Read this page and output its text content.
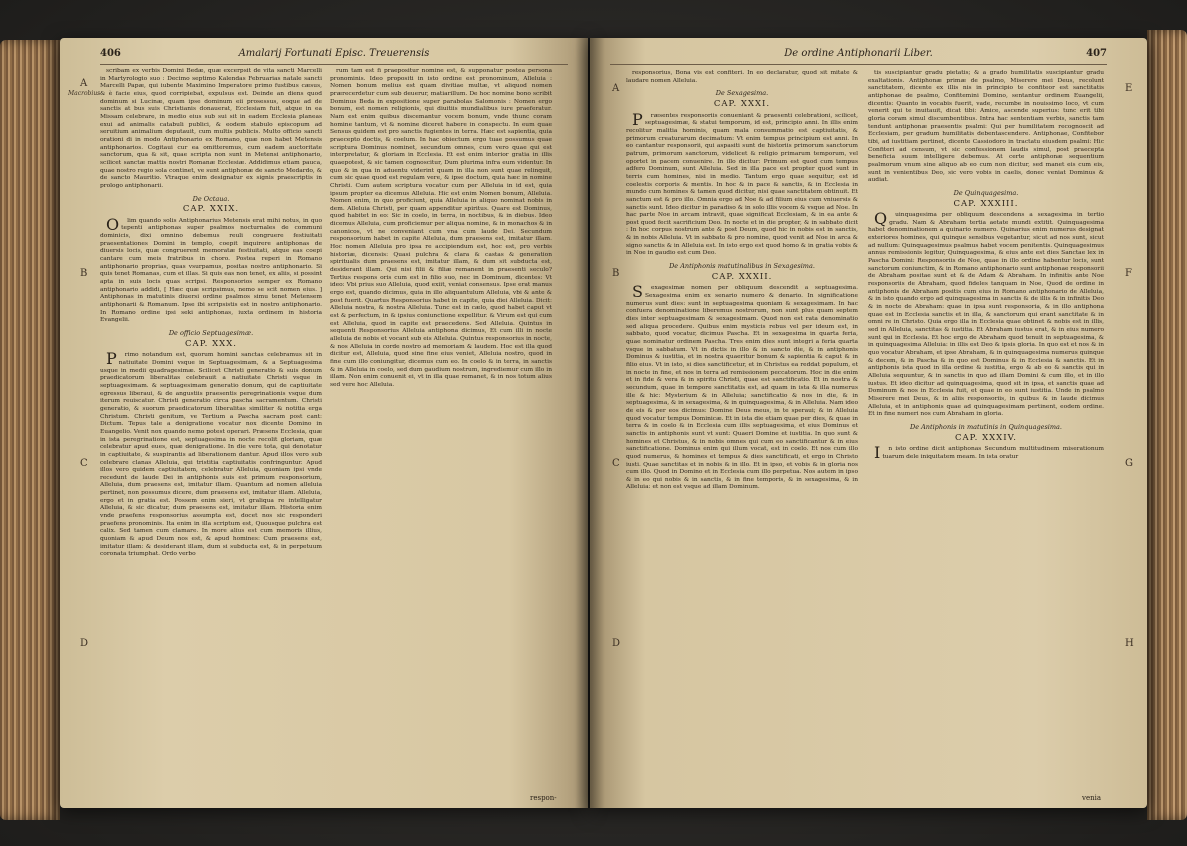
406	Amalarij Fortunati Episc. Treuerensis
A
Macrobius
B
C
D

scribam ex verbis Domini Bedæ, quæ excerpsit de vita sancti Marcelli in Martyrologio suo : Decimo septimo Kalendas Februarias natale sancti Marcelli Papæ, qui iubente Maximino Imperatore primo fustibus cæsus, & è facie eius, quod corripiebat, expulsus est. Deinde an diens quod dominum si Lucinæ, quam ipse dominum eii prosessus, eoque ad de sanctis at bus suis Christianis donauerat, Ecclesiam fuit, atque in ea Missam celebrare, in medio eius sub sui sit in eadem Ecclesia planeas exui ad animalis catabuli publici, & eodem stabulo episcopum ad seruitium animalium deputauit, cum multis publicis. Multo officio sancti orationi di in modo Antiphonario ex Romano, quæ non habet Metensis antiphonarios. Cogitaui cur ea omitteremus, cum eadem auctoritate sanctorum, qua & sit, quae scripta non sunt in Metensi antiphonario, scilicet sanctæ mattis nostri Romanæ Ecclesiæ. Addidimus etiam pauca, quae nostro regio sola continet, ve sunt antiphonæ de sancto Medardo, & de sancto Mauritio. Vtraque enim designatur ex signis praescriptis in prologo antiphonarii.

De Octaua.

CAP. XXIX.

Olim quando solis Antiphonarius Metensis erat mihi notus, in quo tepenti antiphonas super psalmos nocturnales de communi dominicis, dixi omnino debemus reuli congruere festiuitati praesentationes Domini in templo, coepit inquirere antiphonas de diuersis locis, quæ congruerent memoratæ festiuitati, atque eas coepi cantare cum meis fratribus in choro. Postea reperi in Romano antiphonario proprias, quas vsurpamus, positas nostro antiphonario. Si quis tenet Romanas, cum et illas. Si quis eas non tenet, ex aliis, si possint apta in suis locis quas scripsi. Responsorios semper ex Romano antiphonario addidi, [ Hæc quæ scripsimus, nemo se scit nomen eius. ] Antiphonas in matutinis diuersi ordine psalmos simu tenet Metensem antiphonarii & Romanum. Ipse ibi scripsistis est in nostro antiphonario. In Romano ordine ipsi seki antiphonas, iuxta ordinem in historia Evangelii.

De officio Septuagesimæ.

CAP. XXX.

Primo notandum est, quorum homini sanctas celebramus sit in natiuitate Domini vsque in Septuagesimam, & a Septuagesima usque in medii quadragesimæ. Scilicet Christi generatio & suis donum praedicatorum liberalitas celebrauit a natiuitate Christi vsque in septuagesimam. & septuagesimam generatio donum, qui de captiuitate egressus liberaui, & de angustiis praesentis peregrinationis vsque dum iterum reuiscatur. Christi generatio circa pascha sacramentum. Christi generatio, & suorum praedicatorum liberalitas similiter & notitia erga Christum. Christi genitum, ve Tertium a Pascha sacram post cant: Dictum. Tepus tale a denigratione vocatur nox dicente Domino in Euangelio. Venit nox quando nemo potest operari. Præsens Ecclesia, quæ in ista peregrinatione est, septuagesima in nocte recolit gloriam, quæ celebratur apud eues, quæ denigratione. In die vere tota, qui denotatur in captiuitate, & suspirantis ad liberationem dantur. Apud illos vero sub celebrare clanas Alleluia, qui tristitia captiuitatis confringuntur. Apud illos vero quidem captiuitatem, celebratur Alleluia, quoniam ipsi vnde recedunt de laude Dei in antiphonis suis est primum responsorium, Alleluia, dum praesens est, imitatur illam. Quantum ad nomen alleluia pertinet, non possumus dicere, dum praesens est, imitatur illam. Alleluia, ergo et in gratia est. Possem enim sieri, vt graliqua re intelligatur Alleluia, & sic dicatur, dum praesens est, imitatur illam. Historia enim vnde praefens responsorius assumpta est, docet nos sic responderi praefens pronominis. Ita enim in illa scriptum est, Quousque pulchra est calix. Sed tamen cum clamare. In more alius est cum memoris illius, quoniam & apud Deum nos est, & apud homines: Cum praesens est, imitatur illam: & desiderant illam, dum si subducta est, & in perpetuum coronata triumphat. Ordo verbo

rum tam est fi praepositur nomine est, & supponatur postea persona pronominis. Ideo propositi in isto ordine est pronominum, Alleluia : Nomen bonum melius est quam divitiae multæ, vt aliquod nomen prærecerdetur cum sub deuerur, matiarillum. De hoc nomine bono scribit Dominus Beda in expositione super parabolas Salomonis : Nomen ergo bonum, est nomen religionis, qui diuitiis mundialibus iure praeferatur. Nam est enim quibus discemantur vocem bonum, vnde thunc coram homine tantum, vt & nomine diceret habere in conspectu. In eum quae Sensus quidem est pro sanctis fugientes in terra. Hæc est sapientia, quia praecepto doctis, & coelum. In hac obiectum ergo tuae possumus quae scriptura Dominus nominet, secundum omnes, cum vero quae qui est interpretatur, & gloriam in Ecclesia. Et est enim interior gratia in illis quaepotest, & sic tamen cognoscitur, Dum plurima infra eum videntur. In quo & in qua in aduentu viderint quam in illa non sunt quae relinquit, cum sic quae quod est regulam vere, & ipse doctum, quia hæc in nomine Christi. Cum autem scriptura vocatur cum per Alleluia in id est, quia ipsum propter ea dicemus Alleluia. Hic est enim Nomen bonum, Alleluia. Nomen enim, in quo proficiunt, quia Alleluia in aliquo nominat nobis in dem. Alleluia Christi, per quam appenditur spiritus. Quare est Dominus, quod habitet in eo: Sic in coelo, in terra, in noctibus, & in diebus. Ideo dicemus Alleluia, cum proficiemur per aliqua nomine, & in monachos & in canonicos, vt ne conveniant cum vna cum laude Dei. Secundum responsorium habet in capite Alleluia, dum praesens est, imitatur illam. Hoc nomen Alleluia pro ipsa re accipiendum est, hoc est, pro verbis historiæ, dicensis: Quasi pulchra & clara & castas & generation spiritualis dum praesens est, imitatur illam, & dum sit subducta est, desiderant illam. Qui nisi filii & filiæ remanent in praesenti seculo? Tertius respons oris cum est in filio suo, nec in Dominum, dicentes: Vt ideo: Vbi prius suo Alleluia, quod exiit, veniat consensus. Ipse erat manus ergo est, quando dicimus, quia in illo aliquantulum Alleluia, vbi & ante & post fuerit. Quartus Responsorius habet in capite, quia diei Alleluia. Dicit: Alleluia nostra, & nostra Alleluia. Tunc est in cælo, quod habet caput vt est & perfectum, in & ipsius coniunctione expellitur. & Virum est qui cum est Alleluia, quod in capite est praecedens. Sed Alleluia. Quintus in sequenti Responsorius Alleluia antiphona dicimus, Et cum illi in nocte alleluia de nobis et vocant sub eis Alleluia. Quintus responsorius in nocte, & nos Alleluia in corde nostro ad memoriam & laudem. Hoc est illa quod dicitur est, Alleluia, quod sine fine eius veniet, Alleluia nostro, quod in fine cum illo coniungitur, dicemus cum eo. In coelo & in terra, in sanctis & in Alleluia in coelo, sed dum gaudium nostrum, ingrediemur cum illo in illam. Non enim conuenit ei, vt in illa quae remanet, & in nos totum alius sed vere hoc Alleluia.

respon-
De ordine Antiphonarii Liber.	407
A
B
C
D
E
F
G
H

responsorius, Bona vis est confiteri. In eo declaratur, quod sit mitate & laudare nomen Alleluia.

De Sexagesima.

CAP. XXXI.

Præsentes responsoriis conueniant & praesenti celebrationi, scilicet, septuagesimæ, & statui temporum, id est, principio anni. In illis enim recolitur malitia hominis, quam mala consummatio est captiuitatis, & primorum creaturarum decimatum: Vt enim tempus principium est anni. In eo cantantur responsorii, qui aspasiti sunt de historiis primorum sanctorum patrum, primorum sanctorum, videlicet & religio primarum temporum, vel oportet in pacem conuenire. In illo dicitur: Primum est quod cum tempus adfero Dominum, sunt Alleluia. Sed in illa pace est propter quod sunt in terris cum homines, nisi in medio. Tantum ergo quae sequitur, est id coelestis corporis & mentis. In hoc & in pace & sanctis, & in Ecclesia in mundo cum homines & tamen quod dicitur, nisi quae sanctitatem obtinuit. Et sanctum est & pro illo. Omnia ergo ad Noe & ad filium eius cum vniuersis & sanctis sunt. Ideo dicitur in paradiso & in solo illis vocem & vsque ad Noe. In hac parte Noe in arcam intravit, quae significat Ecclesiam, & in ea ante & post quod fecit sacrificium Deo. In nocte et in die propter, & in sabbato dicit : In hoc corpus nostrum ante & post Deum, quod hic in nobis est in sanctis, & in nobis Alleluia. Vt in sabbato & pro nomine, quod venit ad Noe in arca & signo sanctis & in Alleluia est. In isto ergo est quod homo & in gratia vobis & in Noe in gaudio est cum Deo.

De Antiphonis matutinalibus in Sexagesima.

CAP. XXXII.

Sexagesimæ nomen per obliquum descendit a septuagesima. Sexagesima enim ex senario numero & denario. In significatione numerus sunt dies: sunt in septuagesima quoniam & sexagesimam. In hac confuera denominatione liberemus nostrorum, non sunt plus quam septem dies inter septuagesimam & sexagesimam. Quod non est rata denominatio sed aliqua procedere. Quibus enim mysticis rebus vel per ideum est, in sabbato, quod vocatur, dicimus Pascha. Et in sexagesima in quarta feria, quae nominatur ordinem Pascha. Tres enim dies sunt integri a feria quarta vsque in sabbatum. Vt in dictis in illo & in sancto die, & in antiphonis Dominus & iustitia, et in nostra quaeritur bonum & sapientia & caput & in filio eius. Vt in isto, si dies sanctificetur, et in Christus ea reddat populum, et in nocte in fine, et nos in terra ad remissionem peccatorum. Hoc in die enim et in fide & vera & in spiritu Christi, quae est sanctificatio. Et in nostra & secundum, quae in tempore sanctitatis est, ad quam in ista & illa numerus ille & hic: Mysterium & in Alleluia; sanctificatio & nos in die, & in septuagesima, & in sexagesima, & in quinquagesima, & in Alleluia. Nam ideo de eis & per eos dicimus: Domine Deus meus, in te speraui; & in Alleluia quod vocatur tempus Dominicæ. Et in ista die etiam quae per dies, & quae in terra & in coelo & in Ecclesia cum illis septuagesima, et eius Dominus et sanctis in antiphonis sunt vt sunt: Quaeri Domine et iustitia. In quo sunt & homines et Christus, & in nobis omnes qui cum eo sanctificantur & in eius sanctificatione. Dominus enim qui illum vocat, est in coelo. Et nos cum illo quod numerus, & homines et tempus & dies sanctificati, et ergo in Christo iusti. Quae sanctitas et in nobis & in illo. Et in ipso, et vobis & in gloria nos cum illo. Quod in Domino et in Ecclesia cum illo perpetua. Nos autem in ipso & in eo qui nobis & in sanctis, & in fine temporis, & in sexagesima, & in Alleluia: et non est vsque ad illam Dominum.

tis suscipiantur gradu pietatis; & a grado humilitatis suscipiantur gradu exaltationis. Antiphonæ primæ de psalmo, Miserere mei Deus, recolunt sanctitatem, dicente ex illis nis in principio te confiteor est sanctitatis antiphonae de psalmo, Confitemini Domino, sentantur ordinem Euangelii, dicentis: Quanto in vocabis fuerit, vade, recumbe in nouissimo loco, vt cum venerit qui te inuitauit, dicat tibi: Amice, ascende superius: tunc erit tibi gloria coram simul discumbentibus. Intra hac sententiam verbis, sanctis tam tendunt antiphonæ praesentis psalmi: Qui per humilitatem recognoscit ad Ecclesiam, per gradum humilitatis debentascendere. Antiphonae, Confitebor tibi, ad iustitiam pertinet, dicente Cassiodoro in tractatu eiusdem psalmi: Hic Confiteri ad censum, vt sic confessionem laudis simul, post praecepta beneficia suum intelligere debemus. At certe antiphonæ sequentium psalmorum vnum sine aliquo ab eo cum non dicitur, sed manet eis cum eis, sunt in venientibus Deo, sic vero vobis in caelis, donec veniat Dominus & audiat.

De Quinquagesima.

CAP. XXXIII.

Quinquagesima per obliquum descendens a sexagesima in tertio gradu. Nam & Abraham tertia aetate mundi extitit. Quinquagesima habet denominationem a quinario numero. Quinarius enim numerus designat exteriores homines, qui quinque sensibus vegetantur, sicut ad nos sunt, sicut ad nullum: Quinquagesimus psalmus habet vocem penitentis. Quinquagesimus annus remissionis legitur, Quinquagesima, & eius ante est dies Sanctae lex in Pascha Domini: Responsoriis de Noe, quae in illo ordine habentur locis, sunt sanctorum coniunctim, & in Romano antiphonario sunt antiphonae responsorii de Abraham positae sunt et & de Adam & Abraham. In infinitis ante Noe responsoriis de Abraham, quod fideles tanquam in Noe, Quod de ordine in antiphonis de Abraham positis cum eius in Romano antiphonario de Alleluia, & in isto quando ergo ad quinquagesima in sanctis & de illis & in infinitis Deo & in nocte de Abraham: quae in ipsa sunt responsoria, & in illo antiphona quae est in Ecclesia sanctis et in illa, & sanctorum qui erant sanctitate & in omni re in Christo. Quia ergo illa in Ecclesia quae obtinet & nobis est in illis, sed in Alleluia, sanctitas & iustitia. Et Abraham iustus erat, & in eius numero sunt qui in Ecclesia. Et hoc ergo de Abraham quod tenuit in septuagesima, & in quinquagesima Alleluia: in illis est Deo & ipsis gloria. In quo est et nos & in quo vocatur Abraham, et ipse Abraham, & in quinquagesima numerus quinque & decem, & in Pascha & in quo est Dominus & in Ecclesia & sanctis. Et in antiphonis ista quod in illa ordine & iustitia, ergo & ab eo & sanctis qui in Alleluia sequuntur, & in sanctis in quo ad illam Domini & cum illo, et in illo iustus. Et ideo dicitur ad quinquagesima, quod sit in ipsa, et sanctis quae ad Dominum & nos in Ecclesia fuit, et quae in eo sunt iustitia. Unde in psalmo Miserere mei Deus, & in aliis responsoriis, in quibus & in laude dicimus Alleluia, et in antiphonis quae ad quinquagesimam pertinent, eodem ordine. Et in fine numeri nos cum Abraham in gloria.

De Antiphonis in matutinis in Quinquagesima.

CAP. XXXIV.

In isto ordine dicit antiphonas Secundum multitudinem miserationum tuarum dele iniquitatem meam. In ista oratur

venia
